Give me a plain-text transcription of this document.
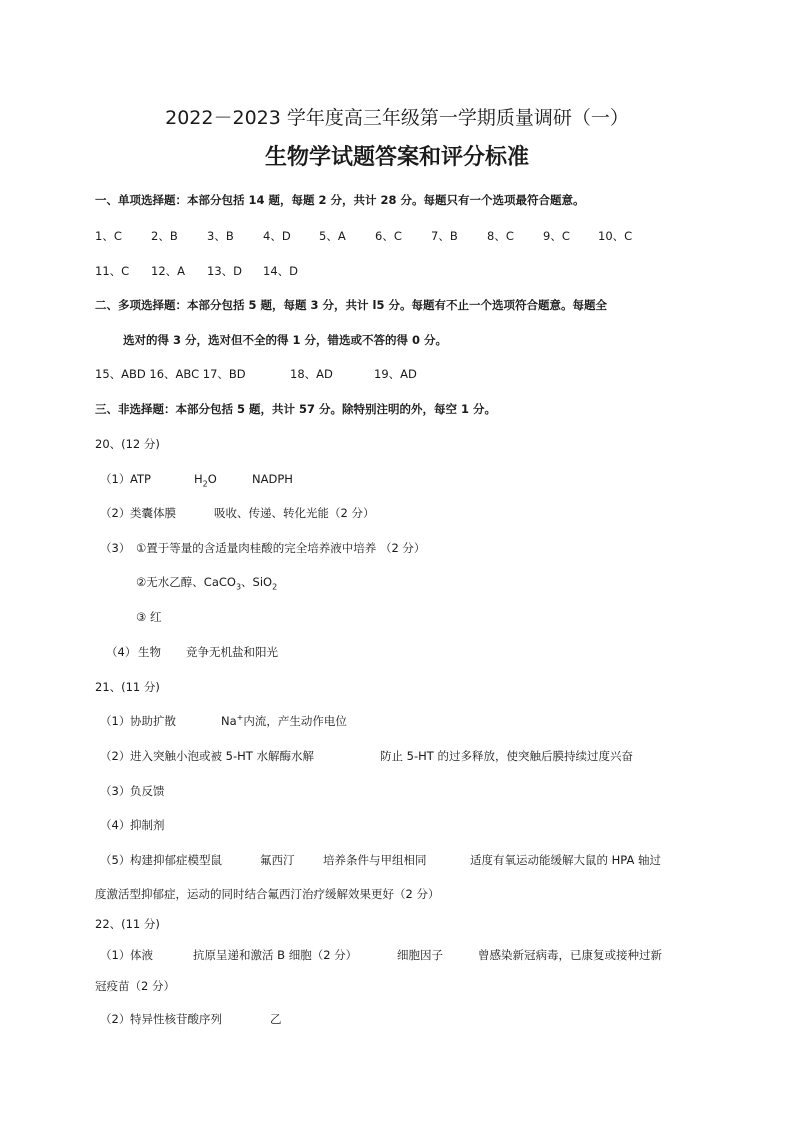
2022－2023 学年度高三年级第一学期质量调研（一）
生物学试题答案和评分标准
一、单项选择题：本部分包括 14 题，每题 2 分，共计 28 分。每题只有一个选项最符合题意。
1、C	2、B	3、B	4、D 5、A	6、C	7、B	8、C	9、C 10、C
11、C 12、A 13、D 14、D
二、多项选择题：本部分包括 5 题，每题 3 分，共计 l5 分。每题有不止一个选项符合题意。每题全
选对的得 3 分，选对但不全的得 1 分，错选或不答的得 0 分。
15、ABD 16、ABC 17、BD	18、AD	19、AD
三、非选择题：本部分包括 5 题，共计 57 分。除特别注明的外，每空 1 分。
20、(12 分)
（1） ATP	$H_2O$	NADPH
（2） 类囊体膜	吸收、传递、转化光能（2 分）
（3） ①置于等量的含适量肉桂酸的完全培养液中培养 （2 分）
②无水乙醇、CaCO$_3$、SiO$_2$
③ 红
（4） 生物 竞争无机盐和阳光
21、(11 分)
（1） 协助扩散	Na+内流，产生动作电位
（2） 进入突触小泡或被 5-HT 水解酶水解	防止 5-HT 的过多释放，使突触后膜持续过度兴奋
（3） 负反馈
（4） 抑制剂
（5） 构建抑郁症模型鼠	氟西汀 培养条件与甲组相同	适度有氧运动能缓解大鼠的 HPA 轴过
度激活型抑郁症，运动的同时结合氟西汀治疗缓解效果更好（2 分）
22、(11 分)
（1） 体液	抗原呈递和激活 B 细胞（2 分）	细胞因子	曾感染新冠病毒，已康复或接种过新
冠疫苗（2 分）
（2） 特异性核苷酸序列	乙
